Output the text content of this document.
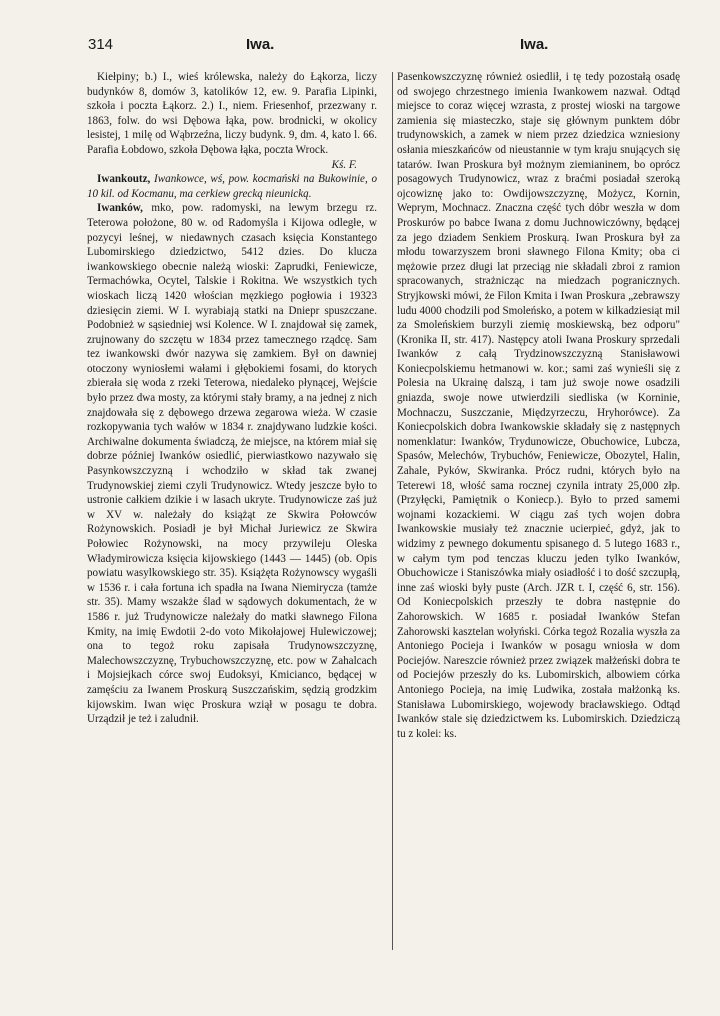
314	Iwa.	Iwa.

Kiełpiny; b.) I., wieś królewska, należy do Łąkorza, liczy budynków 8, domów 3, katolików 12, ew. 9. Parafia Lipinki, szkoła i poczta Łąkorz. 2.) I., niem. Friesenhof, przezwany r. 1863, folw. do wsi Dębowa łąka, pow. brodnicki, w okolicy lesistej, 1 milę od Wąbrzeźna, liczy budynk. 9, dm. 4, kato l. 66. Parafia Łobdowo, szkoła Dębowa łąka, poczta Wrock.
Kś. F.

Iwankoutz, Iwankowce, wś, pow. kocmański na Bukowinie, o 10 kil. od Kocmanu, ma cerkiew grecką nieunicką.

Iwanków, mko, pow. radomyski, na lewym brzegu rz. Teterowa położone, 80 w. od Radomyśla i Kijowa odległe, w pozycyi leśnej, w niedawnych czasach księcia Konstantego Lubomirskiego dziedzictwo, 5412 dzies. Do klucza iwankowskiego obecnie należą wioski: Zaprudki, Feniewicze, Termachówka, Ocytel, Talskie i Rokitna. We wszystkich tych wioskach liczą 1420 włościan męzkiego pogłowia i 19323 dziesięcin ziemi. W I. wyrabiają statki na Dniepr spuszczane. Podobnież w sąsiedniej wsi Kolence. W I. znajdował się zamek, zrujnowany do szczętu w 1834 przez tamecznego rządcę. Sam tez iwankowski dwór nazywa się zamkiem. Był on dawniej otoczony wyniosłemi wałami i głębokiemi fosami, do ktorych zbierała się woda z rzeki Teterowa, niedaleko płynącej, Wejście było przez dwa mosty, za którymi stały bramy, a na jednej z nich znajdowała się z dębowego drzewa zegarowa wieża. W czasie rozkopywania tych wałów w 1834 r. znajdywano ludzkie kości. Archiwalne dokumenta świadczą, że miejsce, na którem miał się dobrze później Iwanków osiedlić, pierwiastkowo nazywało się Pasynkowszczyzną i wchodziło w skład tak zwanej Trudynowskiej ziemi czyli Trudynowicz. Wtedy jeszcze było to ustronie całkiem dzikie i w lasach ukryte. Trudynowicze zaś już w XV w. należały do książąt ze Skwira Połowców Rożynowskich. Posiadł je był Michał Juriewicz ze Skwira Połowiec Rożynowski, na mocy przywileju Oleska Władymirowicza księcia kijowskiego (1443 — 1445) (ob. Opis powiatu wasylkowskiego str. 35). Książęta Rożynowscy wygaśli w 1536 r. i cała fortuna ich spadła na Iwana Niemirycza (tamże str. 35). Mamy wszakże ślad w sądowych dokumentach, że w 1586 r. już Trudynowicze należały do matki sławnego Filona Kmity, na imię Ewdotii 2-do voto Mikołajowej Hulewiczowej; ona to tegoż roku zapisała Trudynowszczyznę, Malechowszczyznę, Trybuchowszczyznę, etc. pow w Zahalcach i Mojsiejkach córce swoj Eudoksyi, Kmicianco, będącej w zamęściu za Iwanem Proskurą Suszczańskim, sędzią grodzkim kijowskim. Iwan więc Proskura wziął w posagu te dobra. Urządził je też i zaludnił.

Pasenkowszczyznę również osiedlił, i tę tedy pozostałą osadę od swojego chrzestnego imienia Iwankowem nazwał. Odtąd miejsce to coraz więcej wzrasta, z prostej wioski na targowe zamienia się miasteczko, staje się głównym punktem dóbr trudynowskich, a zamek w niem przez dziedzica wzniesiony osłania mieszkańców od nieustannie w tym kraju snujących się tatarów. Iwan Proskura był możnym ziemianinem, bo oprócz posagowych Trudynowicz, wraz z braćmi posiadał szeroką ojcowiznę jako to: Owdijowszczyznę, Możycz, Kornin, Weprym, Mochnacz. Znaczna część tych dóbr weszła w dom Proskurów po babce Iwana z domu Juchnowiczówny, będącej za jego dziadem Senkiem Proskurą. Iwan Proskura był za młodu towarzyszem broni sławnego Filona Kmity; oba ci mężowie przez długi lat przeciąg nie składali zbroi z ramion spracowanych, strażnicząc na miedzach pogranicznych. Stryjkowski mówi, że Filon Kmita i Iwan Proskura „zebrawszy ludu 4000 chodzili pod Smoleńsko, a potem w kilkadziesiąt mil za Smoleńskiem burzyli ziemię moskiewską, bez odporu" (Kronika II, str. 417). Następcy atoli Iwana Proskury sprzedali Iwanków z całą Trydzinowszczyzną Stanisławowi Koniecpolskiemu hetmanowi w. kor.; sami zaś wynieśli się z Polesia na Ukrainę dalszą, i tam już swoje nowe osadzili gniazda, swoje nowe utwierdzili siedliska (w Korninie, Mochnaczu, Suszczanie, Międzyrzeczu, Hryhorówce). Za Koniecpolskich dobra Iwankowskie składały się z następnych nomenklatur: Iwanków, Trydunowicze, Obuchowice, Lubcza, Spasów, Melechów, Trybuchów, Feniewicze, Obozytel, Halin, Zahale, Pyków, Skwiranka. Prócz rudni, których było na Teterewi 18, włość sama rocznej czynila intraty 25,000 złp. (Przyłęcki, Pamiętnik o Koniecp.). Było to przed samemi wojnami kozackiemi. W ciągu zaś tych wojen dobra Iwankowskie musiały też znacznie ucierpieć, gdyż, jak to widzimy z pewnego dokumentu spisanego d. 5 lutego 1683 r., w całym tym pod tenczas kluczu jeden tylko Iwanków, Obuchowicze i Staniszówka miały osiadłość i to dość szczupłą, inne zaś wioski były puste (Arch. JZR t. I, część 6, str. 156). Od Koniecpolskich przeszły te dobra następnie do Zahorowskich. W 1685 r. posiadał Iwanków Stefan Zahorowski kasztelan wołyński. Córka tegoż Rozalia wyszła za Antoniego Pocieja i Iwanków w posagu wniosła w dom Pociejów. Nareszcie również przez związek małżeński dobra te od Pociejów przeszły do ks. Lubomirskich, albowiem córka Antoniego Pocieja, na imię Ludwika, została małżonką ks. Stanisława Lubomirskiego, wojewody bracławskiego. Odtąd Iwanków stale się dziedzictwem ks. Lubomirskich. Dziedziczą tu z kolei: ks.
